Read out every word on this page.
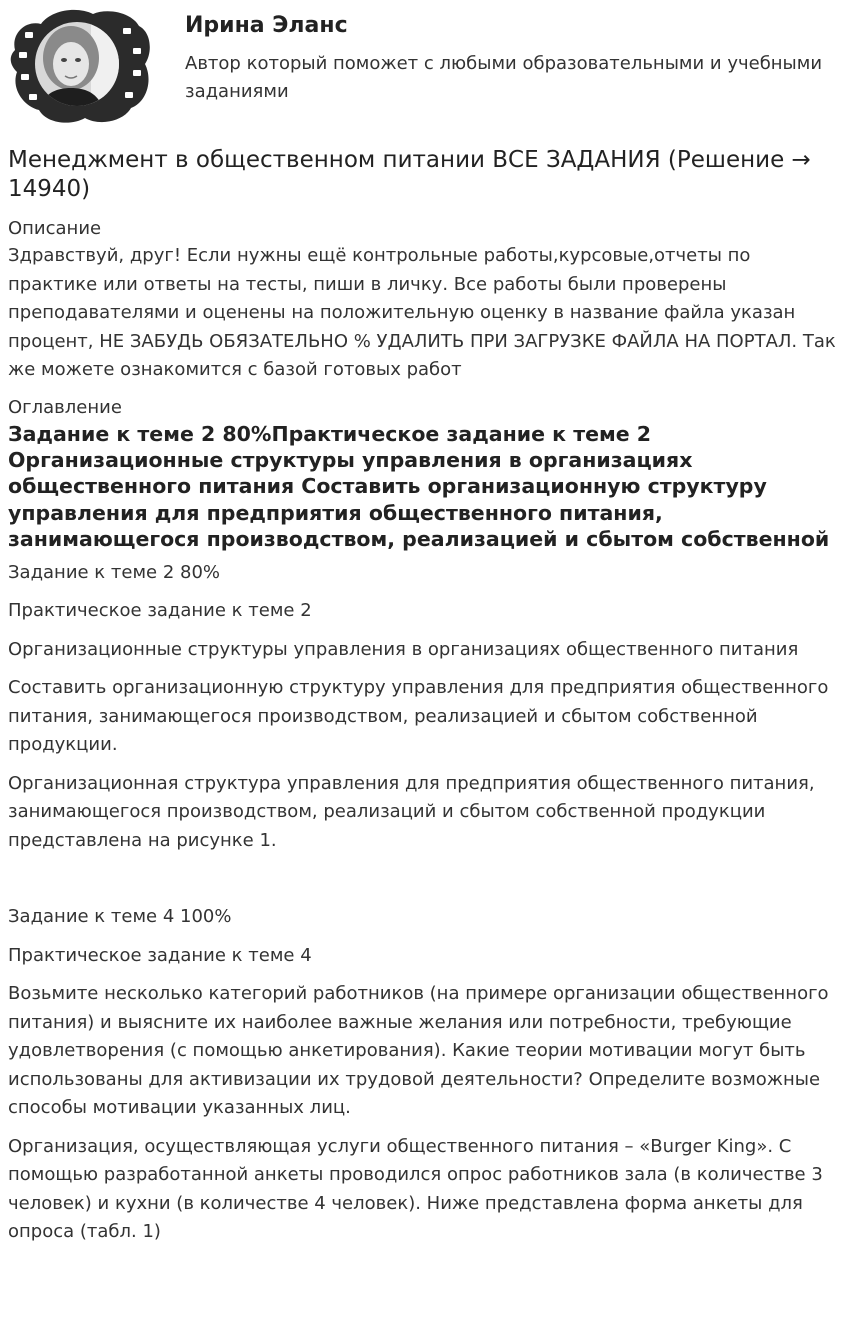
Ирина Эланс

Автор который поможет с любыми образовательными и учебными заданиями

Менеджмент в общественном питании ВСЕ ЗАДАНИЯ (Решение → 14940)
Описание

Здравствуй, друг! Если нужны ещё контрольные работы,курсовые,отчеты по практике или ответы на тесты, пиши в личку. Все работы были проверены преподавателями и оценены на положительную оценку в название файла указан процент, НЕ ЗАБУДЬ ОБЯЗАТЕЛЬНО % УДАЛИТЬ ПРИ ЗАГРУЗКЕ ФАЙЛА НА ПОРТАЛ. Так же можете ознакомится с базой готовых работ

Оглавление
Задание к теме 2 80%Практическое задание к теме 2 Организационные структуры управления в организациях общественного питания Составить организационную структуру управления для предприятия общественного питания, занимающегося производством, реализацией и сбытом собственной

Задание к теме 2 80%

Практическое задание к теме 2

Организационные структуры управления в организациях общественного питания

Составить организационную структуру управления для предприятия общественного питания, занимающегося производством, реализацией и сбытом собственной продукции.

Организационная структура управления для предприятия общественного питания, занимающегося производством, реализаций и сбытом собственной продукции представлена на рисунке 1.

Задание к теме 4 100%

Практическое задание к теме 4

Возьмите несколько категорий работников (на примере организации общественного питания) и выясните их наиболее важные желания или потребности, требующие удовлетворения (с помощью анкетирования). Какие теории мотивации могут быть использованы для активизации их трудовой деятельности? Определите возможные способы мотивации указанных лиц.

Организация, осуществляющая услуги общественного питания – «Burger King». С помощью разработанной анкеты проводился опрос работников зала (в количестве 3 человек) и кухни (в количестве 4 человек). Ниже представлена форма анкеты для опроса (табл. 1)
